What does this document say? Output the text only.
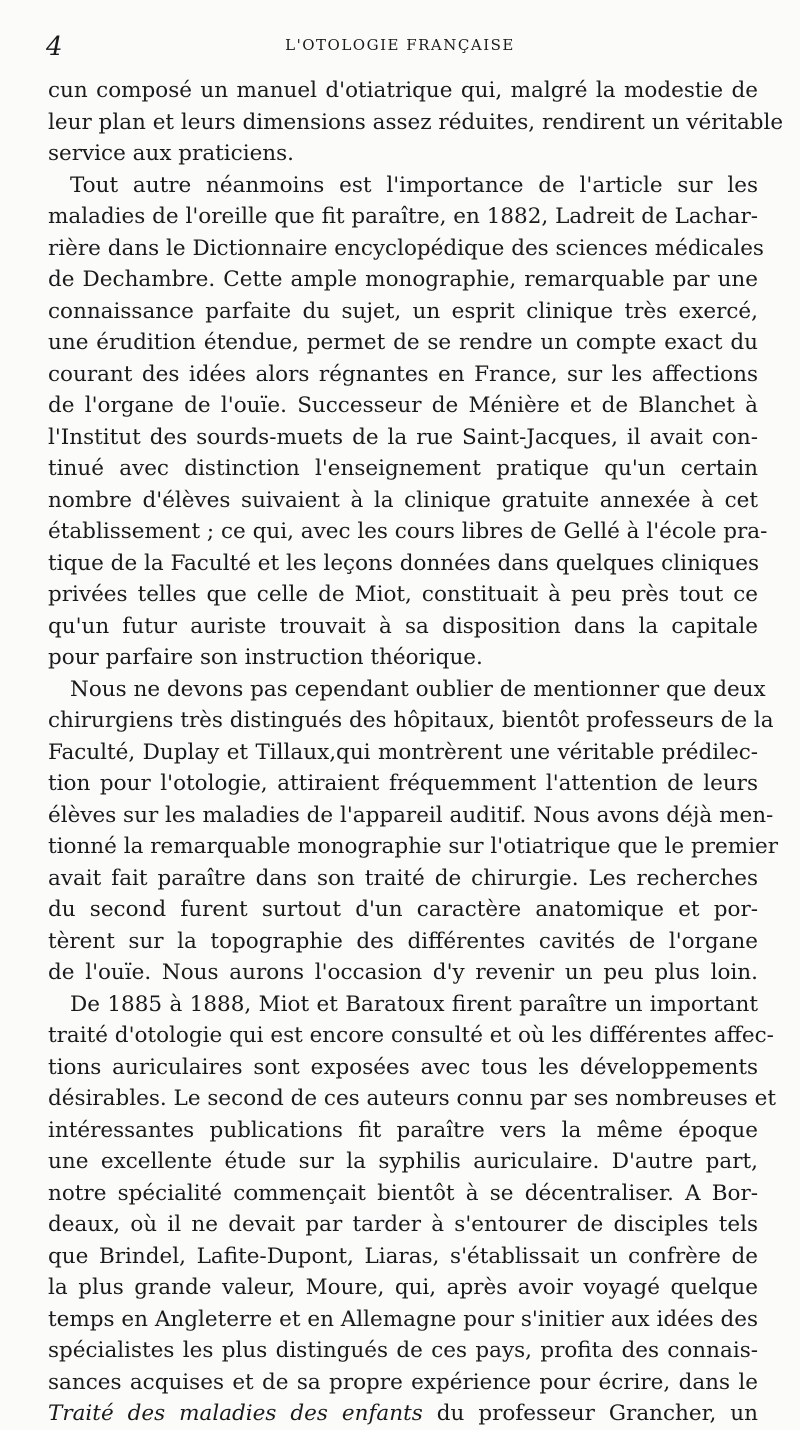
4	L'OTOLOGIE FRANÇAISE
cun composé un manuel d'otiatrique qui, malgré la modestie de
leur plan et leurs dimensions assez réduites, rendirent un véritable
service aux praticiens.
Tout autre néanmoins est l'importance de l'article sur les
maladies de l'oreille que fit paraître, en 1882, Ladreit de Lachar-
rière dans le Dictionnaire encyclopédique des sciences médicales
de Dechambre. Cette ample monographie, remarquable par une
connaissance parfaite du sujet, un esprit clinique très exercé,
une érudition étendue, permet de se rendre un compte exact du
courant des idées alors régnantes en France, sur les affections
de l'organe de l'ouïe. Successeur de Ménière et de Blanchet à
l'Institut des sourds-muets de la rue Saint-Jacques, il avait con-
tinué avec distinction l'enseignement pratique qu'un certain
nombre d'élèves suivaient à la clinique gratuite annexée à cet
établissement ; ce qui, avec les cours libres de Gellé à l'école pra-
tique de la Faculté et les leçons données dans quelques cliniques
privées telles que celle de Miot, constituait à peu près tout ce
qu'un futur auriste trouvait à sa disposition dans la capitale
pour parfaire son instruction théorique.
Nous ne devons pas cependant oublier de mentionner que deux
chirurgiens très distingués des hôpitaux, bientôt professeurs de la
Faculté, Duplay et Tillaux,qui montrèrent une véritable prédilec-
tion pour l'otologie, attiraient fréquemment l'attention de leurs
élèves sur les maladies de l'appareil auditif. Nous avons déjà men-
tionné la remarquable monographie sur l'otiatrique que le premier
avait fait paraître dans son traité de chirurgie. Les recherches
du second furent surtout d'un caractère anatomique et por-
tèrent sur la topographie des différentes cavités de l'organe
de l'ouïe. Nous aurons l'occasion d'y revenir un peu plus loin.
De 1885 à 1888, Miot et Baratoux firent paraître un important
traité d'otologie qui est encore consulté et où les différentes affec-
tions auriculaires sont exposées avec tous les développements
désirables. Le second de ces auteurs connu par ses nombreuses et
intéressantes publications fit paraître vers la même époque
une excellente étude sur la syphilis auriculaire. D'autre part,
notre spécialité commençait bientôt à se décentraliser. A Bor-
deaux, où il ne devait par tarder à s'entourer de disciples tels
que Brindel, Lafite-Dupont, Liaras, s'établissait un confrère de
la plus grande valeur, Moure, qui, après avoir voyagé quelque
temps en Angleterre et en Allemagne pour s'initier aux idées des
spécialistes les plus distingués de ces pays, profita des connais-
sances acquises et de sa propre expérience pour écrire, dans le
Traité des maladies des enfants du professeur Grancher, un
